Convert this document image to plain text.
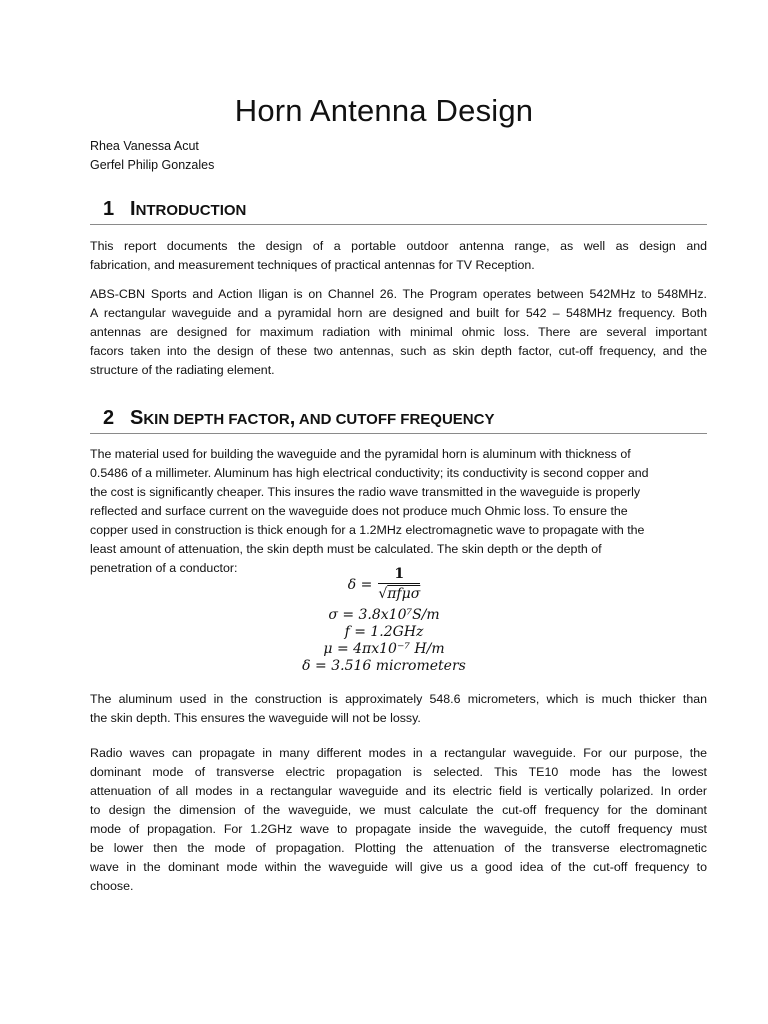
Horn Antenna Design
Rhea Vanessa Acut
Gerfel Philip Gonzales
1 INTRODUCTION

This report documents the design of a portable outdoor antenna range, as well as design and
fabrication, and measurement techniques of practical antennas for TV Reception.

ABS-CBN Sports and Action Iligan is on Channel 26. The Program operates between 542MHz to 548MHz.
A rectangular waveguide and a pyramidal horn are designed and built for 542 – 548MHz frequency. Both
antennas are designed for maximum radiation with minimal ohmic loss. There are several important
facors taken into the design of these two antennas, such as skin depth factor, cut-off frequency, and the
structure of the radiating element.

2 SKIN DEPTH FACTOR, AND CUTOFF FREQUENCY

The material used for building the waveguide and the pyramidal horn is aluminum with thickness of
0.5486 of a millimeter. Aluminum has high electrical conductivity; its conductivity is second copper and
the cost is significantly cheaper. This insures the radio wave transmitted in the waveguide is properly
reflected and surface current on the waveguide does not produce much Ohmic loss. To ensure the
copper used in construction is thick enough for a 1.2MHz electromagnetic wave to propagate with the
least amount of attenuation, the skin depth must be calculated. The skin depth or the depth of
penetration of a conductor:

$\delta = \frac{1}{\text{√πfμσ}}$
σ = 3.8x10⁷S/m
f = 1.2GHz
μ = 4πx10⁻⁷ H/m
δ = 3.516 micrometers

The aluminum used in the construction is approximately 548.6 micrometers, which is much thicker than
the skin depth. This ensures the waveguide will not be lossy.

Radio waves can propagate in many different modes in a rectangular waveguide. For our purpose, the
dominant mode of transverse electric propagation is selected. This TE10 mode has the lowest
attenuation of all modes in a rectangular waveguide and its electric field is vertically polarized. In order
to design the dimension of the waveguide, we must calculate the cut-off frequency for the dominant
mode of propagation. For 1.2GHz wave to propagate inside the waveguide, the cutoff frequency must
be lower then the mode of propagation. Plotting the attenuation of the transverse electromagnetic
wave in the dominant mode within the waveguide will give us a good idea of the cut-off frequency to
choose.
